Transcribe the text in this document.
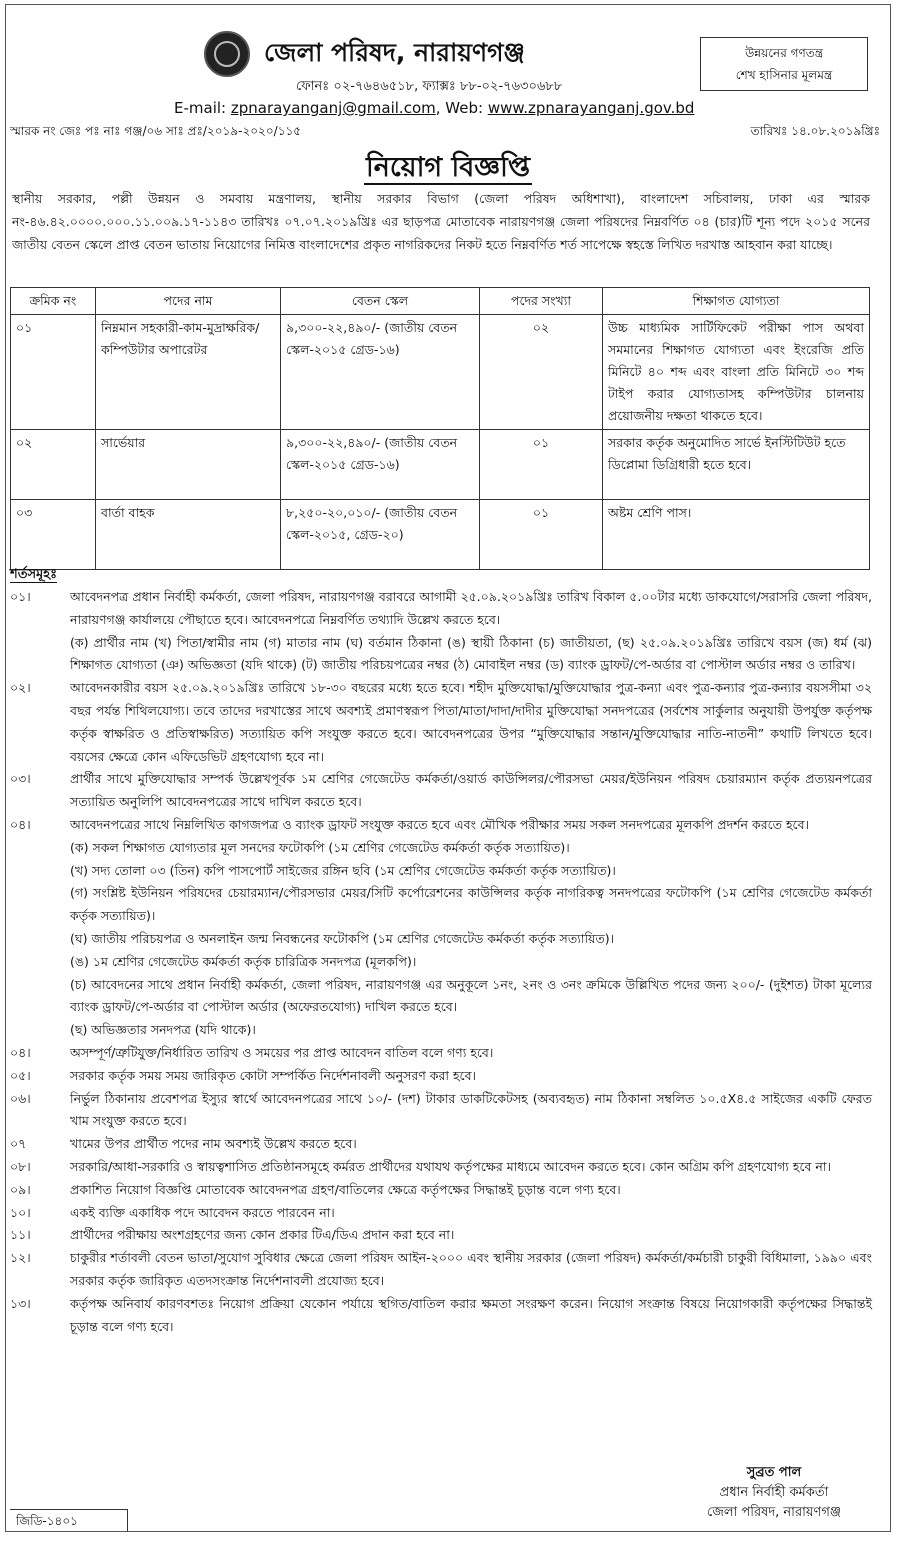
জেলা পরিষদ, নারায়ণগঞ্জ
ফোনঃ ০২-৭৬৪৬৫১৮, ফ্যাক্সঃ ৮৮-০২-৭৬৩০৬৮৮
E-mail: zpnarayanganj@gmail.com, Web: www.zpnarayanganj.gov.bd
উন্নয়নের গণতন্ত্র
শেখ হাসিনার মূলমন্ত্র
স্মারক নং জেঃ পঃ নাঃ গঞ্জ/০৬ সাঃ প্রঃ/২০১৯-২০২০/১১৫	তারিখঃ ১৪.০৮.২০১৯খ্রিঃ
নিয়োগ বিজ্ঞপ্তি
স্থানীয় সরকার, পল্লী উন্নয়ন ও সমবায় মন্ত্রণালয়, স্থানীয় সরকার বিভাগ (জেলা পরিষদ অধিশাখা), বাংলাদেশ সচিবালয়, ঢাকা এর স্মারক নং-৪৬.৪২.০০০০.০০০.১১.০০৯.১৭-১১৪৩ তারিখঃ ০৭.০৭.২০১৯খ্রিঃ এর ছাড়পত্র মোতাবেক নারায়ণগঞ্জ জেলা পরিষদের নিম্নবর্ণিত ০৪ (চার)টি শূন্য পদে ২০১৫ সনের জাতীয় বেতন স্কেলে প্রাপ্ত বেতন ভাতায় নিয়োগের নিমিত্ত বাংলাদেশের প্রকৃত নাগরিকদের নিকট হতে নিম্নবর্ণিত শর্ত সাপেক্ষে স্বহস্তে লিখিত দরখাস্ত আহবান করা যাচ্ছে।
ক্রমিক নং	পদের নাম	বেতন স্কেল	পদের সংখ্যা	শিক্ষাগত যোগ্যতা
০১	নিম্নমান সহকারী-কাম-মুদ্রাক্ষরিক/কম্পিউটার অপারেটর	৯,৩০০-২২,৪৯০/- (জাতীয় বেতন স্কেল-২০১৫ গ্রেড-১৬)	০২	উচ্চ মাধ্যমিক সার্টিফিকেট পরীক্ষা পাস অথবা সমমানের শিক্ষাগত যোগ্যতা এবং ইংরেজি প্রতি মিনিটে ৪০ শব্দ এবং বাংলা প্রতি মিনিটে ৩০ শব্দ টাইপ করার যোগ্যতাসহ কম্পিউটার চালনায় প্রয়োজনীয় দক্ষতা থাকতে হবে।
০২	সার্ভেয়ার	৯,৩০০-২২,৪৯০/- (জাতীয় বেতন স্কেল-২০১৫ গ্রেড-১৬)	০১	সরকার কর্তৃক অনুমোদিত সার্ভে ইনস্টিটিউট হতে ডিপ্লোমা ডিগ্রিধারী হতে হবে।
০৩	বার্তা বাহক	৮,২৫০-২০,০১০/- (জাতীয় বেতন স্কেল-২০১৫, গ্রেড-২০)	০১	অষ্টম শ্রেণি পাস।
শর্তসমূহঃ
০১।	আবেদনপত্র প্রধান নির্বাহী কর্মকর্তা, জেলা পরিষদ, নারায়ণগঞ্জ বরাবরে আগামী ২৫.০৯.২০১৯খ্রিঃ তারিখ বিকাল ৫.০০টার মধ্যে ডাকযোগে/সরাসরি জেলা পরিষদ, নারায়ণগঞ্জ কার্যালয়ে পৌছাতে হবে। আবেদনপত্রে নিম্নবর্ণিত তথ্যাদি উল্লেখ করতে হবে।
(ক) প্রার্থীর নাম (খ) পিতা/স্বামীর নাম (গ) মাতার নাম (ঘ) বর্তমান ঠিকানা (ঙ) স্থায়ী ঠিকানা (চ) জাতীয়তা, (ছ) ২৫.০৯.২০১৯খ্রিঃ তারিখে বয়স (জ) ধর্ম (ঝ) শিক্ষাগত যোগ্যতা (ঞ) অভিজ্ঞতা (যদি থাকে) (ট) জাতীয় পরিচয়পত্রের নম্বর (ঠ) মোবাইল নম্বর (ড) ব্যাংক ড্রাফট/পে-অর্ডার বা পোস্টাল অর্ডার নম্বর ও তারিখ।
০২।	আবেদনকারীর বয়স ২৫.০৯.২০১৯খ্রিঃ তারিখে ১৮-৩০ বছরের মধ্যে হতে হবে। শহীদ মুক্তিযোদ্ধা/মুক্তিযোদ্ধার পুত্র-কন্যা এবং পুত্র-কন্যার পুত্র-কন্যার বয়সসীমা ৩২ বছর পর্যন্ত শিথিলযোগ্য। তবে তাদের দরখাস্তের সাথে অবশ্যই প্রমাণস্বরূপ পিতা/মাতা/দাদা/দাদীর মুক্তিযোদ্ধা সনদপত্রের (সর্বশেষ সার্কুলার অনুযায়ী উপর্যুক্ত কর্তৃপক্ষ কর্তৃক স্বাক্ষরিত ও প্রতিস্বাক্ষরিত) সত্যায়িত কপি সংযুক্ত করতে হবে। আবেদনপত্রের উপর “মুক্তিযোদ্ধার সন্তান/মুক্তিযোদ্ধার নাতি-নাতনী” কথাটি লিখতে হবে। বয়সের ক্ষেত্রে কোন এফিডেভিট গ্রহণযোগ্য হবে না।
০৩।	প্রার্থীর সাথে মুক্তিযোদ্ধার সম্পর্ক উল্লেখপূর্বক ১ম শ্রেণির গেজেটেড কর্মকর্তা/ওয়ার্ড কাউন্সিলর/পৌরসভা মেয়র/ইউনিয়ন পরিষদ চেয়ারম্যান কর্তৃক প্রত্যয়নপত্রের সত্যায়িত অনুলিপি আবেদনপত্রের সাথে দাখিল করতে হবে।
০৪।	আবেদনপত্রের সাথে নিম্নলিখিত কাগজপত্র ও ব্যাংক ড্রাফট সংযুক্ত করতে হবে এবং মৌখিক পরীক্ষার সময় সকল সনদপত্রের মূলকপি প্রদর্শন করতে হবে।
(ক) সকল শিক্ষাগত যোগ্যতার মূল সনদের ফটোকপি (১ম শ্রেণির গেজেটেড কর্মকর্তা কর্তৃক সত্যায়িত)।
(খ) সদ্য তোলা ০৩ (তিন) কপি পাসপোর্ট সাইজের রঙ্গিন ছবি (১ম শ্রেণির গেজেটেড কর্মকর্তা কর্তৃক সত্যায়িত)।
(গ) সংশ্লিষ্ট ইউনিয়ন পরিষদের চেয়ারম্যান/পৌরসভার মেয়র/সিটি কর্পোরেশনের কাউন্সিলর কর্তৃক নাগরিকত্ব সনদপত্রের ফটোকপি (১ম শ্রেণির গেজেটেড কর্মকর্তা কর্তৃক সত্যায়িত)।
(ঘ) জাতীয় পরিচয়পত্র ও অনলাইন জন্ম নিবন্ধনের ফটোকপি (১ম শ্রেণির গেজেটেড কর্মকর্তা কর্তৃক সত্যায়িত)।
(ঙ) ১ম শ্রেণির গেজেটেড কর্মকর্তা কর্তৃক চারিত্রিক সনদপত্র (মূলকপি)।
(চ) আবেদনের সাথে প্রধান নির্বাহী কর্মকর্তা, জেলা পরিষদ, নারায়ণগঞ্জ এর অনুকূলে ১নং, ২নং ও ৩নং ক্রমিকে উল্লিখিত পদের জন্য ২০০/- (দুইশত) টাকা মূল্যের ব্যাংক ড্রাফট/পে-অর্ডার বা পোস্টাল অর্ডার (অফেরতযোগ্য) দাখিল করতে হবে।
(ছ) অভিজ্ঞতার সনদপত্র (যদি থাকে)।
০৪।	অসম্পূর্ণ/ত্রুটিযুক্ত/নির্ধারিত তারিখ ও সময়ের পর প্রাপ্ত আবেদন বাতিল বলে গণ্য হবে।
০৫।	সরকার কর্তৃক সময় সময় জারিকৃত কোটা সম্পর্কিত নির্দেশনাবলী অনুসরণ করা হবে।
০৬।	নির্ভুল ঠিকানায় প্রবেশপত্র ইস্যুর স্বার্থে আবেদনপত্রের সাথে ১০/- (দশ) টাকার ডাকটিকেটসহ (অব্যবহৃত) নাম ঠিকানা সম্বলিত ১০.৫X৪.৫ সাইজের একটি ফেরত খাম সংযুক্ত করতে হবে।
০৭	খামের উপর প্রার্থীত পদের নাম অবশ্যই উল্লেখ করতে হবে।
০৮।	সরকারি/আধা-সরকারি ও স্বায়ত্বশাসিত প্রতিষ্ঠানসমূহে কর্মরত প্রার্থীদের যথাযথ কর্তৃপক্ষের মাধ্যমে আবেদন করতে হবে। কোন অগ্রিম কপি গ্রহণযোগ্য হবে না।
০৯।	প্রকাশিত নিয়োগ বিজ্ঞপ্তি মোতাবেক আবেদনপত্র গ্রহণ/বাতিলের ক্ষেত্রে কর্তৃপক্ষের সিদ্ধান্তই চূড়ান্ত বলে গণ্য হবে।
১০।	একই ব্যক্তি একাধিক পদে আবেদন করতে পারবেন না।
১১।	প্রার্থীদের পরীক্ষায় অংশগ্রহণের জন্য কোন প্রকার টিএ/ডিএ প্রদান করা হবে না।
১২।	চাকুরীর শর্তাবলী বেতন ভাতা/সুযোগ সুবিধার ক্ষেত্রে জেলা পরিষদ আইন-২০০০ এবং স্থানীয় সরকার (জেলা পরিষদ) কর্মকর্তা/কর্মচারী চাকুরী বিধিমালা, ১৯৯০ এবং সরকার কর্তৃক জারিকৃত এতদসংক্রান্ত নির্দেশনাবলী প্রযোজ্য হবে।
১৩।	কর্তৃপক্ষ অনিবার্য কারণবশতঃ নিয়োগ প্রক্রিয়া যেকোন পর্যায়ে স্থগিত/বাতিল করার ক্ষমতা সংরক্ষণ করেন। নিয়োগ সংক্রান্ত বিষয়ে নিয়োগকারী কর্তৃপক্ষের সিদ্ধান্তই চূড়ান্ত বলে গণ্য হবে।
সুব্রত পাল
প্রধান নির্বাহী কর্মকর্তা
জেলা পরিষদ, নারায়ণগঞ্জ
জিডি-১৪০১
